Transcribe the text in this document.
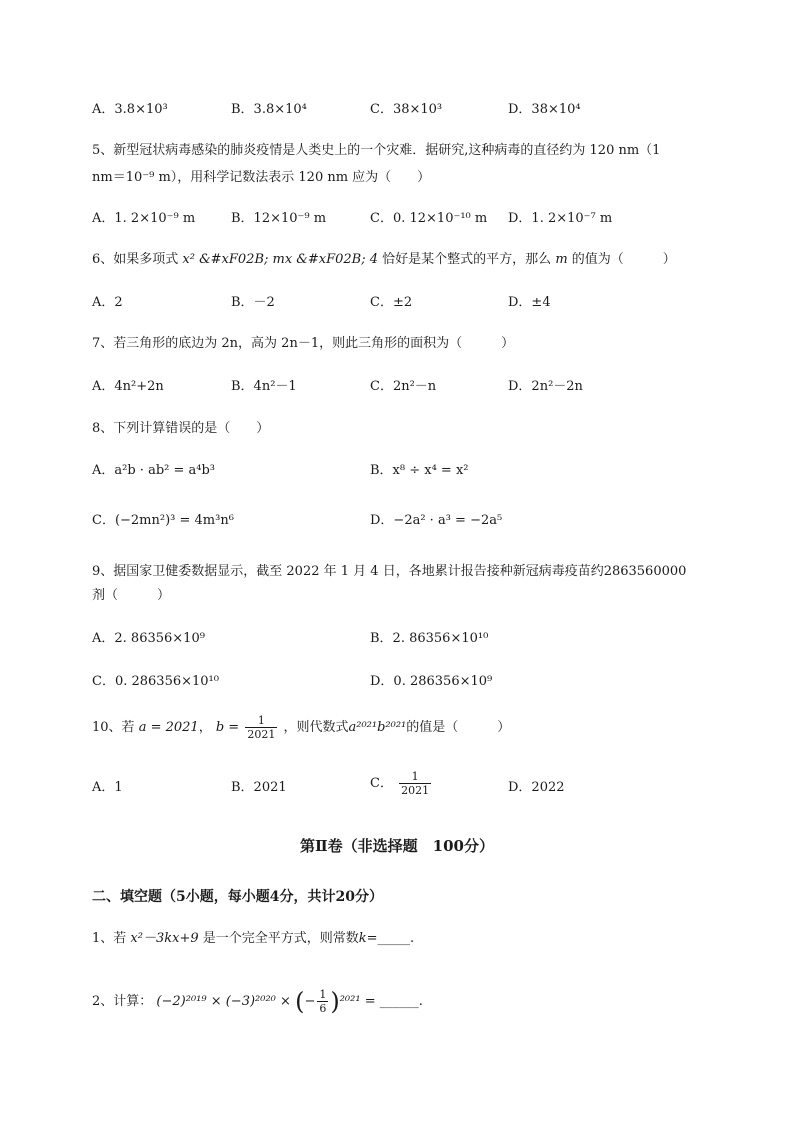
A．3.8×10³	B．3.8×10⁴	C．38×10³	D．38×10⁴
5、新型冠状病毒感染的肺炎疫情是人类史上的一个灾难．据研究,这种病毒的直径约为 120 nm（1
nm＝10⁻⁹ m），用科学记数法表示 120 nm 应为（　　）
A．1. 2×10⁻⁹ m	B．12×10⁻⁹ m	C．0. 12×10⁻¹⁰ m D．1. 2×10⁻⁷ m
6、如果多项式 x² &#xF02B; mx &#xF02B; 4 恰好是某个整式的平方，那么 m 的值为（　　　）
A．2	B．－2	C．±2	D．±4
7、若三角形的底边为 2n，高为 2n－1，则此三角形的面积为（　　　）
A．4n²+2n	B．4n²－1	C．2n²－n	D．2n²－2n
8、下列计算错误的是（　　）
A．a²b · ab² = a⁴b³	B．x⁸ ÷ x⁴ = x²
C．(−2mn²)³ = 4m³n⁶	D．−2a² · a³ = −2a⁵
9、据国家卫健委数据显示，截至 2022 年 1 月 4 日，各地累计报告接种新冠病毒疫苗约2863560000
剂（　　　）
A．2. 86356×10⁹	B．2. 86356×10¹⁰
C．0. 286356×10¹⁰	D．0. 286356×10⁹
10、若 a = 2021， $b = \frac{1}{2021}$ ，则代数式a²⁰²¹b²⁰²¹的值是（　　　）
A．1	B．2021	C． $\frac{1}{2021}$	D．2022
第Ⅱ卷（非选择题　100分）
二、填空题（5小题，每小题4分，共计20分）
1、若 x²－3kx+9 是一个完全平方式，则常数k=_____.
2、计算： (−2)²⁰¹⁹ × (−3)²⁰²⁰ × (− $\frac{1}{6} )^{2021}$ = ______.
